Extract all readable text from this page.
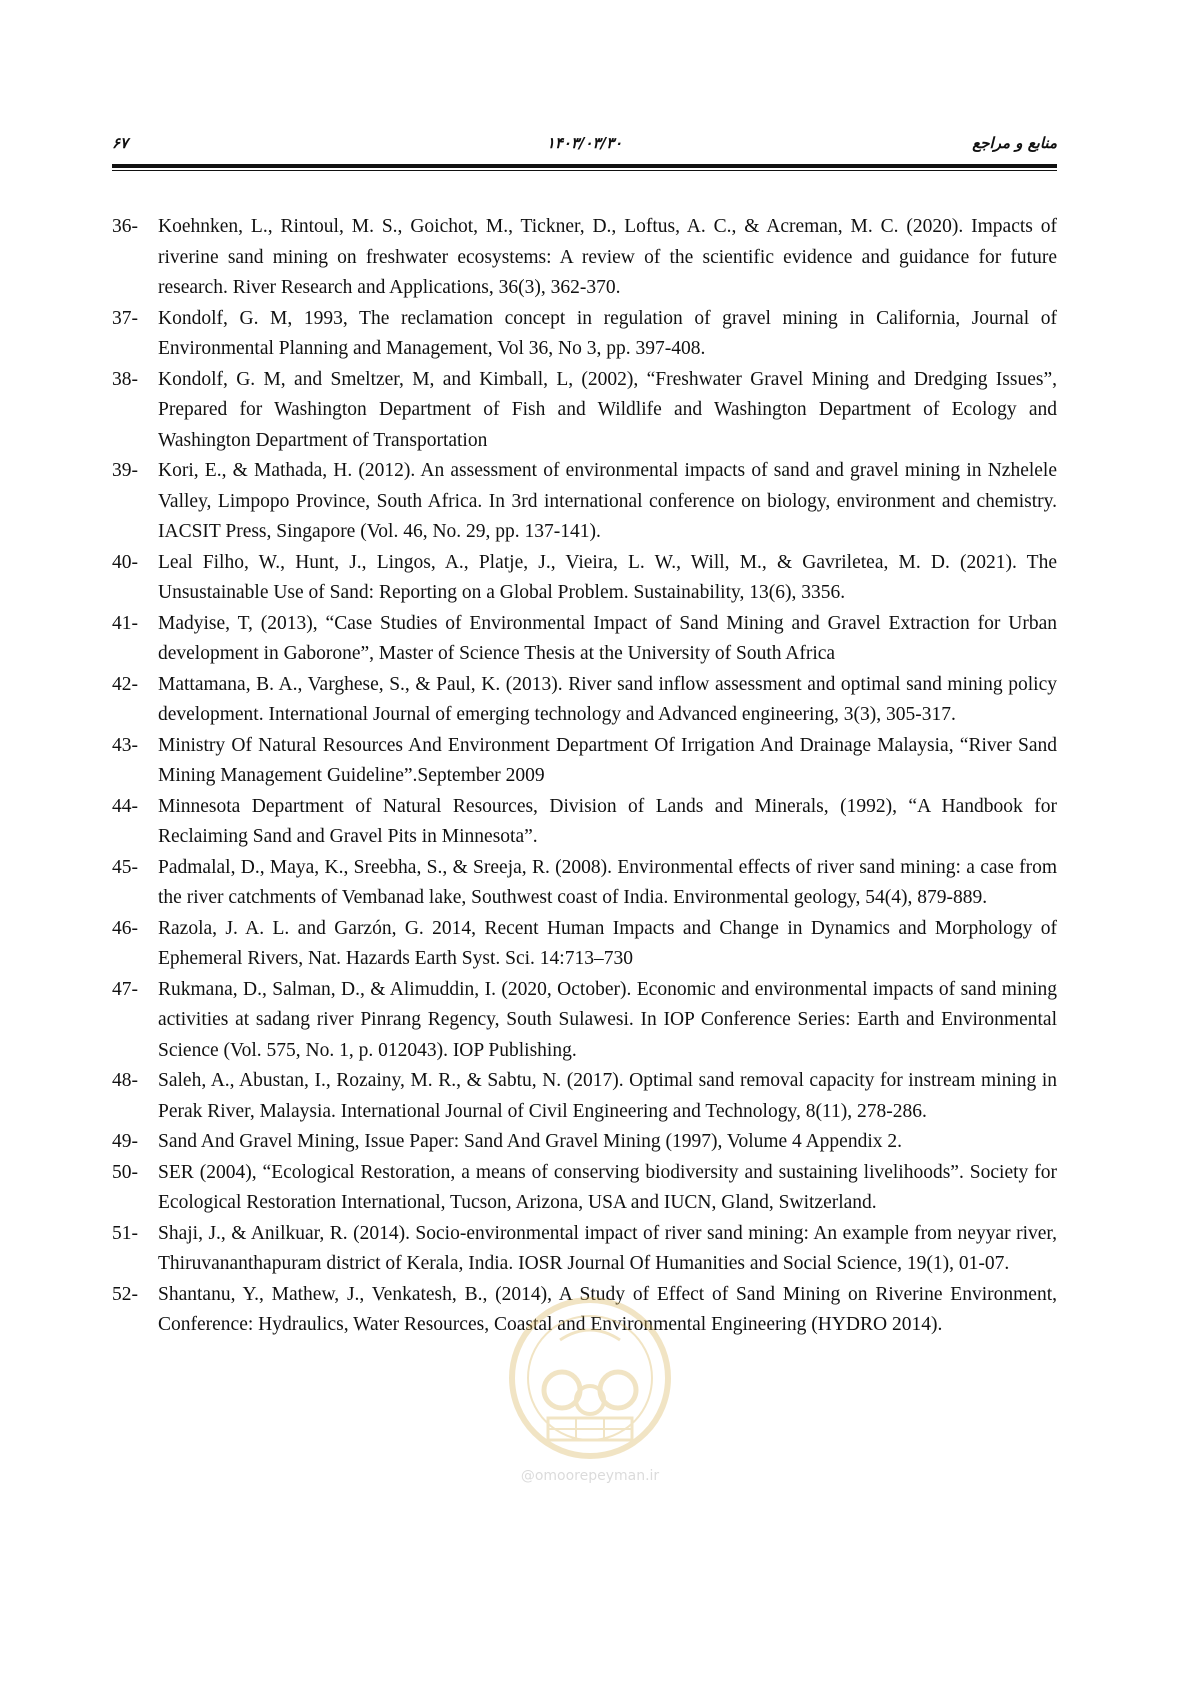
۶۷	۱۴۰۳/۰۳/۳۰	منابع و مراجع
36- Koehnken, L., Rintoul, M. S., Goichot, M., Tickner, D., Loftus, A. C., & Acreman, M. C. (2020). Impacts of riverine sand mining on freshwater ecosystems: A review of the scientific evidence and guidance for future research. River Research and Applications, 36(3), 362-370.
37- Kondolf, G. M, 1993, The reclamation concept in regulation of gravel mining in California, Journal of Environmental Planning and Management, Vol 36, No 3, pp. 397-408.
38- Kondolf, G. M, and Smeltzer, M, and Kimball, L, (2002), “Freshwater Gravel Mining and Dredging Issues”, Prepared for Washington Department of Fish and Wildlife and Washington Department of Ecology and Washington Department of Transportation
39- Kori, E., & Mathada, H. (2012). An assessment of environmental impacts of sand and gravel mining in Nzhelele Valley, Limpopo Province, South Africa. In 3rd international conference on biology, environment and chemistry. IACSIT Press, Singapore (Vol. 46, No. 29, pp. 137-141).
40- Leal Filho, W., Hunt, J., Lingos, A., Platje, J., Vieira, L. W., Will, M., & Gavriletea, M. D. (2021). The Unsustainable Use of Sand: Reporting on a Global Problem. Sustainability, 13(6), 3356.
41- Madyise, T, (2013), “Case Studies of Environmental Impact of Sand Mining and Gravel Extraction for Urban development in Gaborone”, Master of Science Thesis at the University of South Africa
42- Mattamana, B. A., Varghese, S., & Paul, K. (2013). River sand inflow assessment and optimal sand mining policy development. International Journal of emerging technology and Advanced engineering, 3(3), 305-317.
43- Ministry Of Natural Resources And Environment Department Of Irrigation And Drainage Malaysia, “River Sand Mining Management Guideline”.September 2009
44- Minnesota Department of Natural Resources, Division of Lands and Minerals, (1992), “A Handbook for Reclaiming Sand and Gravel Pits in Minnesota”.
45- Padmalal, D., Maya, K., Sreebha, S., & Sreeja, R. (2008). Environmental effects of river sand mining: a case from the river catchments of Vembanad lake, Southwest coast of India. Environmental geology, 54(4), 879-889.
46- Razola, J. A. L. and Garzón, G. 2014, Recent Human Impacts and Change in Dynamics and Morphology of Ephemeral Rivers, Nat. Hazards Earth Syst. Sci. 14:713–730
47- Rukmana, D., Salman, D., & Alimuddin, I. (2020, October). Economic and environmental impacts of sand mining activities at sadang river Pinrang Regency, South Sulawesi. In IOP Conference Series: Earth and Environmental Science (Vol. 575, No. 1, p. 012043). IOP Publishing.
48- Saleh, A., Abustan, I., Rozainy, M. R., & Sabtu, N. (2017). Optimal sand removal capacity for instream mining in Perak River, Malaysia. International Journal of Civil Engineering and Technology, 8(11), 278-286.
49- Sand And Gravel Mining, Issue Paper: Sand And Gravel Mining (1997), Volume 4 Appendix 2.
50- SER (2004), “Ecological Restoration, a means of conserving biodiversity and sustaining livelihoods”. Society for Ecological Restoration International, Tucson, Arizona, USA and IUCN, Gland, Switzerland.
51- Shaji, J., & Anilkuar, R. (2014). Socio-environmental impact of river sand mining: An example from neyyar river, Thiruvananthapuram district of Kerala, India. IOSR Journal Of Humanities and Social Science, 19(1), 01-07.
52- Shantanu, Y., Mathew, J., Venkatesh, B., (2014), A Study of Effect of Sand Mining on Riverine Environment, Conference: Hydraulics, Water Resources, Coastal and Environmental Engineering (HYDRO 2014).
@omoorepeyman.ir
